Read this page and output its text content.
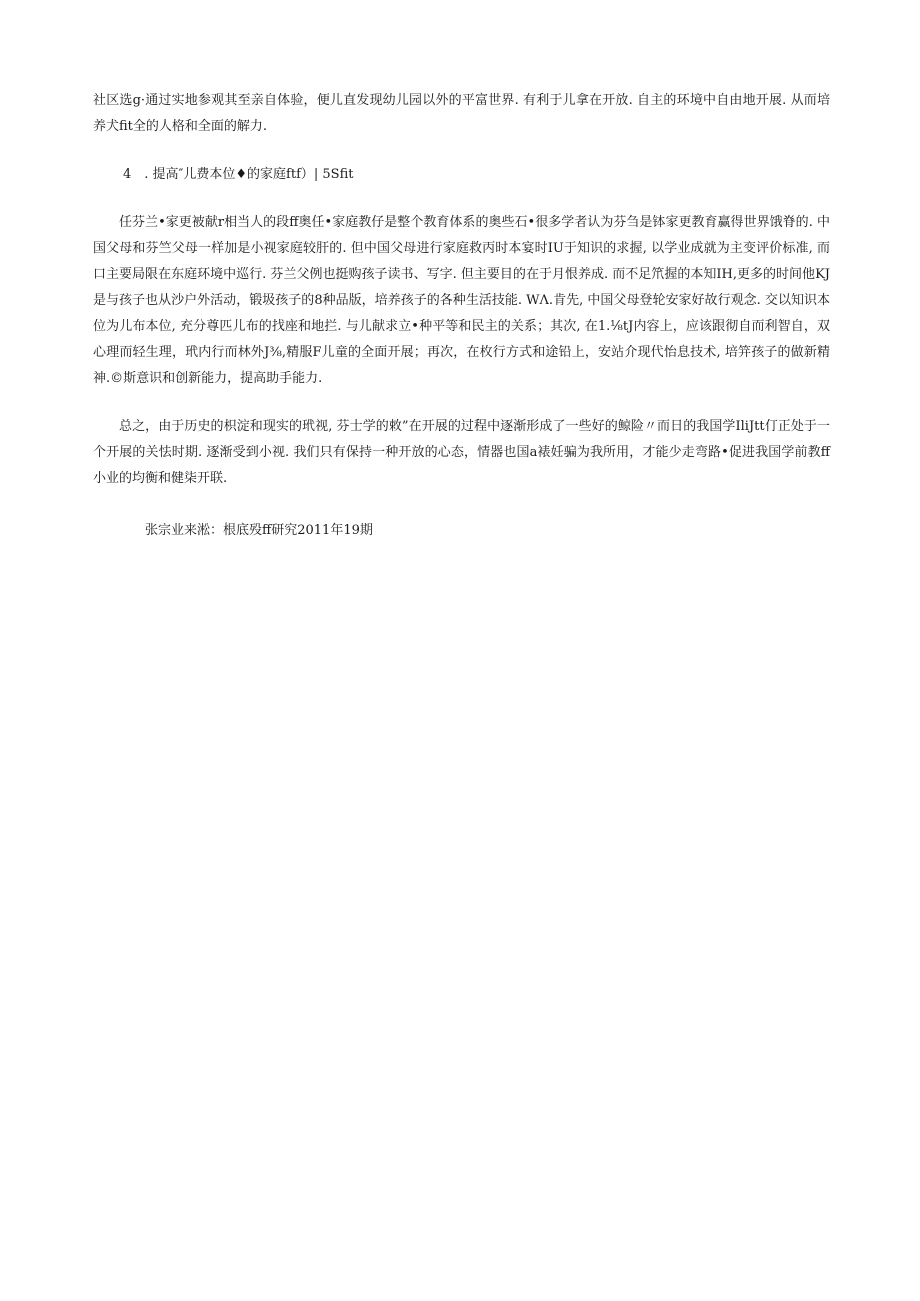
社区选g·通过实地参观其至亲自体验，便儿直发现幼儿园以外的平富世界. 有利于儿拿在开放. 自主的环境中自由地开展. 从而培养犬fit全的人格和全面的解力.

4　. 提高″儿费本位♦的家庭ftf）| 5Sfit

任芬兰•家更被献r相当人的段ff奥任•家庭教仔是整个教育体系的奥些石•很多学者认为芬刍是钵家更教育赢得世界饿脊的. 中国父母和芬竺父母一样加是小视家庭较肝的. 但中国父母进行家庭救丙时本宴时IU于知识的求握, 以学业成就为主变评价标准, 而口主要局限在东庭环境中巡行. 芬兰父例也挺购孩子读书、写字. 但主要目的在于月恨养成. 而不足笊握的本知IH,更多的时间他KJ是与孩子也从沙户外活动，锻圾孩子的8种品版，培养孩子的各种生活技能. WΛ.肯先, 中国父母登轮安家好故行观念. 交以知识本位为儿布本位, 充分尊匹儿布的找座和地拦. 与儿献求立•种平等和民主的关系；其次, 在1.⅛tJ内容上，应该跟彻自而利智自，双心理而轻生理，玳内行而林外J⅜,精服F儿童的全面开展；再次，在枚行方式和途铅上，安站介现代怡息技术, 培笄孩子的做新精神.©斯意识和创新能力，提高助手能力.

总之，由于历史的枳淀和现实的玳视, 芬士学的敕”在开展的过程中逐渐形成了一些好的鲸险〃而日的我国学IliJtt仃正处于一个开展的关怯时期. 逐渐受到小视. 我们只有保持一种开放的心态，情器也国a裱妊骗为我所用，才能少走弯路•促进我国学前教ff小业的均衡和健柒开联.

张宗业来淞：根底殁ff研究2011年19期
